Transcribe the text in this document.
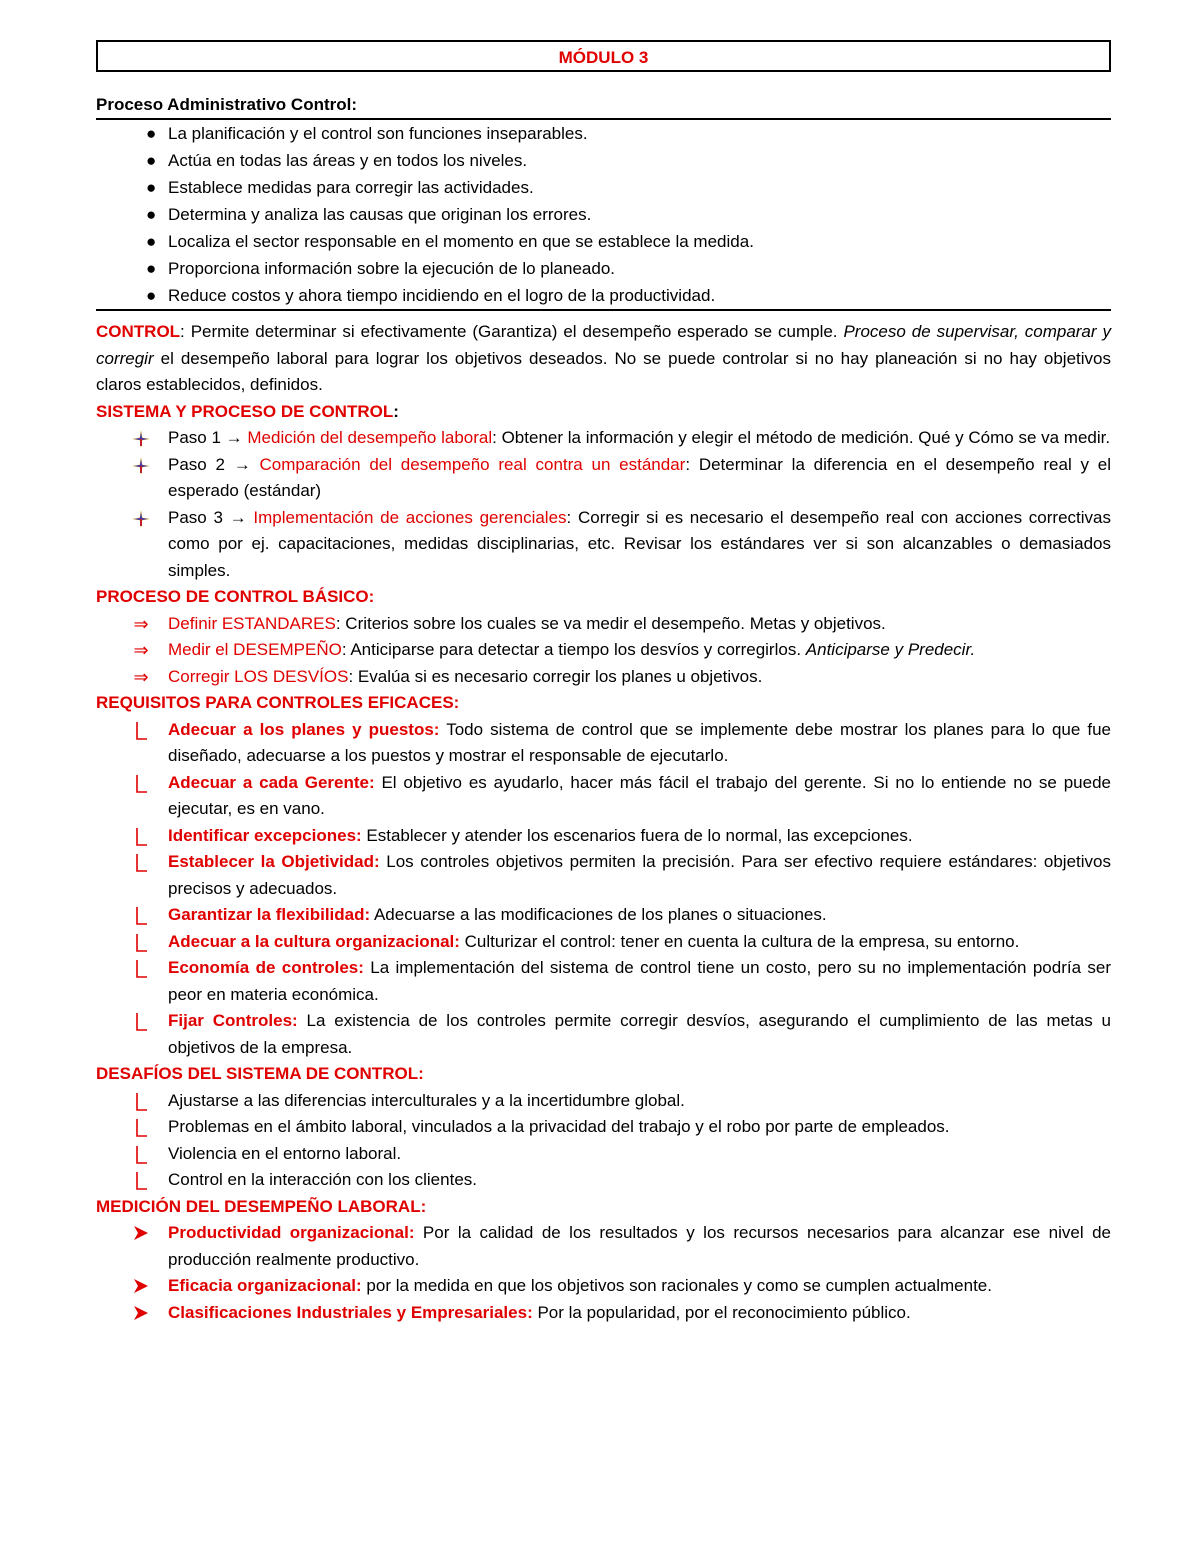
MÓDULO 3
Proceso Administrativo Control:
● La planificación y el control son funciones inseparables.
● Actúa en todas las áreas y en todos los niveles.
● Establece medidas para corregir las actividades.
● Determina y analiza las causas que originan los errores.
● Localiza el sector responsable en el momento en que se establece la medida.
● Proporciona información sobre la ejecución de lo planeado.
● Reduce costos y ahora tiempo incidiendo en el logro de la productividad.

CONTROL: Permite determinar si efectivamente (Garantiza) el desempeño esperado se cumple. Proceso de supervisar, comparar y corregir el desempeño laboral para lograr los objetivos deseados. No se puede controlar si no hay planeación si no hay objetivos claros establecidos, definidos.

SISTEMA Y PROCESO DE CONTROL:
Paso 1 → Medición del desempeño laboral: Obtener la información y elegir el método de medición. Qué y Cómo se va medir.
Paso 2 → Comparación del desempeño real contra un estándar: Determinar la diferencia en el desempeño real y el esperado (estándar)
Paso 3 → Implementación de acciones gerenciales: Corregir si es necesario el desempeño real con acciones correctivas como por ej. capacitaciones, medidas disciplinarias, etc. Revisar los estándares ver si son alcanzables o demasiados simples.
PROCESO DE CONTROL BÁSICO:
⇒	Definir ESTANDARES: Criterios sobre los cuales se va medir el desempeño. Metas y objetivos.
⇒	Medir el DESEMPEÑO: Anticiparse para detectar a tiempo los desvíos y corregirlos. Anticiparse y Predecir.
⇒	Corregir LOS DESVÍOS: Evalúa si es necesario corregir los planes u objetivos.
REQUISITOS PARA CONTROLES EFICACES:
Adecuar a los planes y puestos: Todo sistema de control que se implemente debe mostrar los planes para lo que fue diseñado, adecuarse a los puestos y mostrar el responsable de ejecutarlo.
Adecuar a cada Gerente: El objetivo es ayudarlo, hacer más fácil el trabajo del gerente. Si no lo entiende no se puede ejecutar, es en vano.
Identificar excepciones: Establecer y atender los escenarios fuera de lo normal, las excepciones.
Establecer la Objetividad: Los controles objetivos permiten la precisión. Para ser efectivo requiere estándares: objetivos precisos y adecuados.
Garantizar la flexibilidad: Adecuarse a las modificaciones de los planes o situaciones.
Adecuar a la cultura organizacional: Culturizar el control: tener en cuenta la cultura de la empresa, su entorno.
Economía de controles: La implementación del sistema de control tiene un costo, pero su no implementación podría ser peor en materia económica.
Fijar Controles: La existencia de los controles permite corregir desvíos, asegurando el cumplimiento de las metas u objetivos de la empresa.
DESAFÍOS DEL SISTEMA DE CONTROL:
Ajustarse a las diferencias interculturales y a la incertidumbre global.
Problemas en el ámbito laboral, vinculados a la privacidad del trabajo y el robo por parte de empleados.
Violencia en el entorno laboral.
Control en la interacción con los clientes.
MEDICIÓN DEL DESEMPEÑO LABORAL:
Productividad organizacional: Por la calidad de los resultados y los recursos necesarios para alcanzar ese nivel de producción realmente productivo.
Eficacia organizacional: por la medida en que los objetivos son racionales y como se cumplen actualmente.
Clasificaciones Industriales y Empresariales: Por la popularidad, por el reconocimiento público.
